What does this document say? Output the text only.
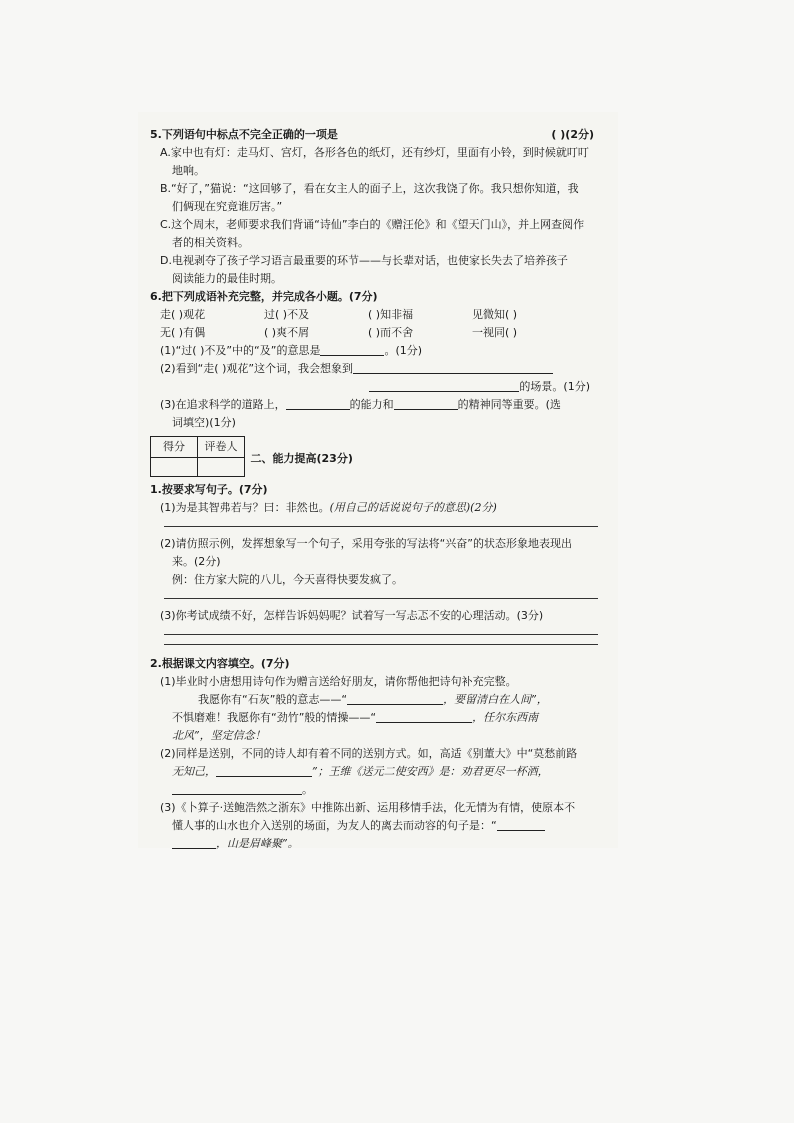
5.下列语句中标点不完全正确的一项是	( )(2分)
A.家中也有灯：走马灯、宫灯，各形各色的纸灯，还有纱灯，里面有小铃，到时候就叮叮
地响。
B.“好了，”猫说：“这回够了，看在女主人的面子上，这次我饶了你。我只想你知道，我
们俩现在究竟谁厉害。”
C.这个周末，老师要求我们背诵“诗仙”李白的《赠汪伦》和《望天门山》，并上网查阅作
者的相关资料。
D.电视剥夺了孩子学习语言最重要的环节——与长辈对话，也使家长失去了培养孩子
阅读能力的最佳时期。
6.把下列成语补充完整，并完成各小题。(7分)
走( )观花	过( )不及	( )知非福	见微知( )
无( )有偶	( )爽不屑	( )而不舍	一视同( )
(1)“过( )不及”中的“及”的意思是	。(1分)
(2)看到“走( )观花”这个词，我会想象到
的场景。(1分)
(3)在追求科学的道路上，	的能力和	的精神同等重要。(选
词填空)(1分)
得分	评卷人
	二、能力提高(23分)
1.按要求写句子。(7分)
(1)为是其智弗若与？曰：非然也。(用自己的话说说句子的意思)(2分)
(2)请仿照示例，发挥想象写一个句子，采用夸张的写法将“兴奋”的状态形象地表现出
来。(2分)
例：住方家大院的八儿，今天喜得快要发疯了。
(3)你考试成绩不好，怎样告诉妈妈呢？试着写一写忐忑不安的心理活动。(3分)
2.根据课文内容填空。(7分)
(1)毕业时小唐想用诗句作为赠言送给好朋友，请你帮他把诗句补充完整。
我愿你有“石灰”般的意志——“	，要留清白在人间”，
不惧磨难！我愿你有“劲竹”般的情操——“	，任尔东西南
北风”，坚定信念！
(2)同样是送别，不同的诗人却有着不同的送别方式。如，高适《别董大》中“莫愁前路
无知己，	”；王维《送元二使安西》是：劝君更尽一杯酒，
。
(3)《卜算子·送鲍浩然之浙东》中推陈出新、运用移情手法，化无情为有情，使原本不
懂人事的山水也介入送别的场面，为友人的离去而动容的句子是：“
，山是眉峰聚”。
